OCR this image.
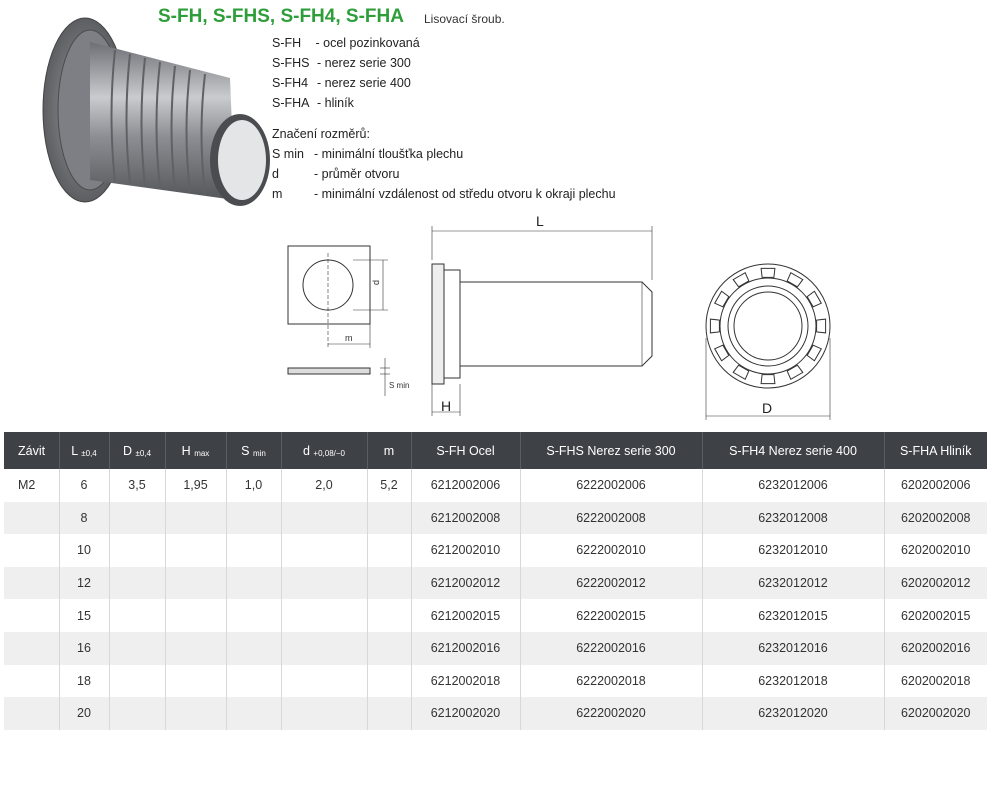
S-FH, S-FHS, S-FH4, S-FHA Lisovací šroub.
S-FH - ocel pozinkovaná
S-FHS - nerez serie 300
S-FH4 - nerez serie 400
S-FHA - hliník
Značení rozměrů:
S min - minimální tloušťka plechu
d	- průměr otvoru
m	- minimální vzdálenost od středu otvoru k okraji plechu
d
m
S min
L
H	D
Závit	L $_{\pm 0,4}$	D $_{\pm 0,4}$	H $_{max}$	S $_{min}$	d $_{+0,08/-0}$	m	S-FH Ocel	S-FHS Nerez serie 300	S-FH4 Nerez serie 400	S-FHA Hliník
M2	6	3,5	1,95	1,0	2,0	5,2	6212002006	6222002006	6232012006	6202002006
	8						6212002008	6222002008	6232012008	6202002008
	10						6212002010	6222002010	6232012010	6202002010
	12						6212002012	6222002012	6232012012	6202002012
	15						6212002015	6222002015	6232012015	6202002015
	16						6212002016	6222002016	6232012016	6202002016
	18						6212002018	6222002018	6232012018	6202002018
	20						6212002020	6222002020	6232012020	6202002020
